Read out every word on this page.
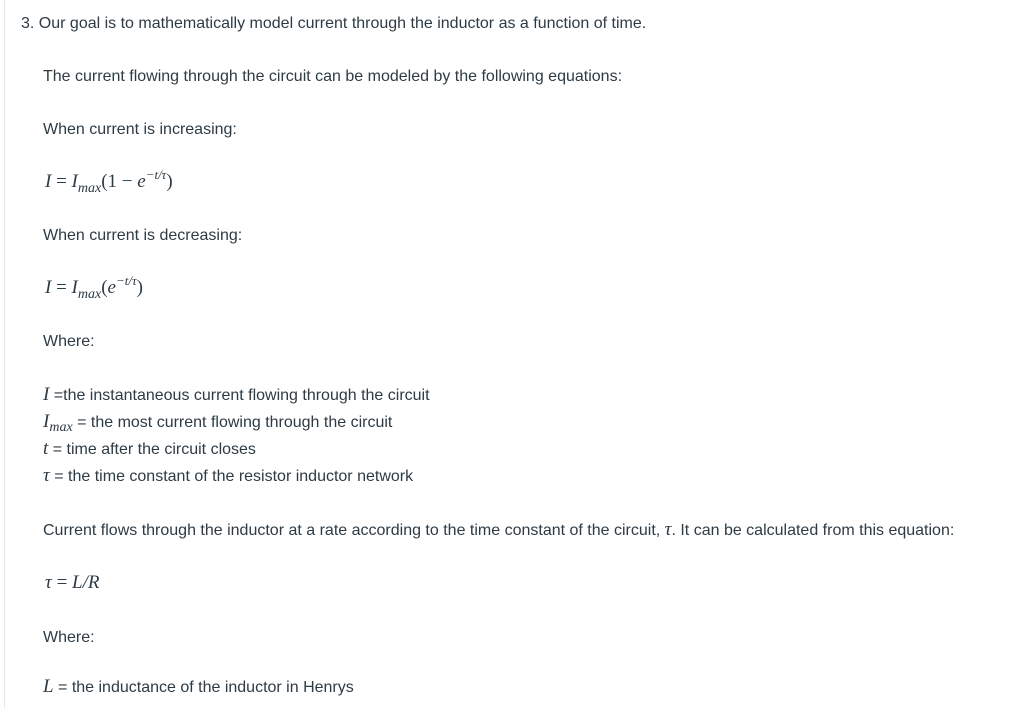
3. Our goal is to mathematically model current through the inductor as a function of time.
The current flowing through the circuit can be modeled by the following equations:
When current is increasing:
$I = I_{max}(1 - e^{-t/\tau})$
When current is decreasing:
$I = I_{max}(e^{-t/\tau})$
Where:
I =the instantaneous current flowing through the circuit
Imax = the most current flowing through the circuit
t = time after the circuit closes
τ = the time constant of the resistor inductor network
Current flows through the inductor at a rate according to the time constant of the circuit, τ. It can be calculated from this equation:
τ = L/R
Where:
L = the inductance of the inductor in Henrys
